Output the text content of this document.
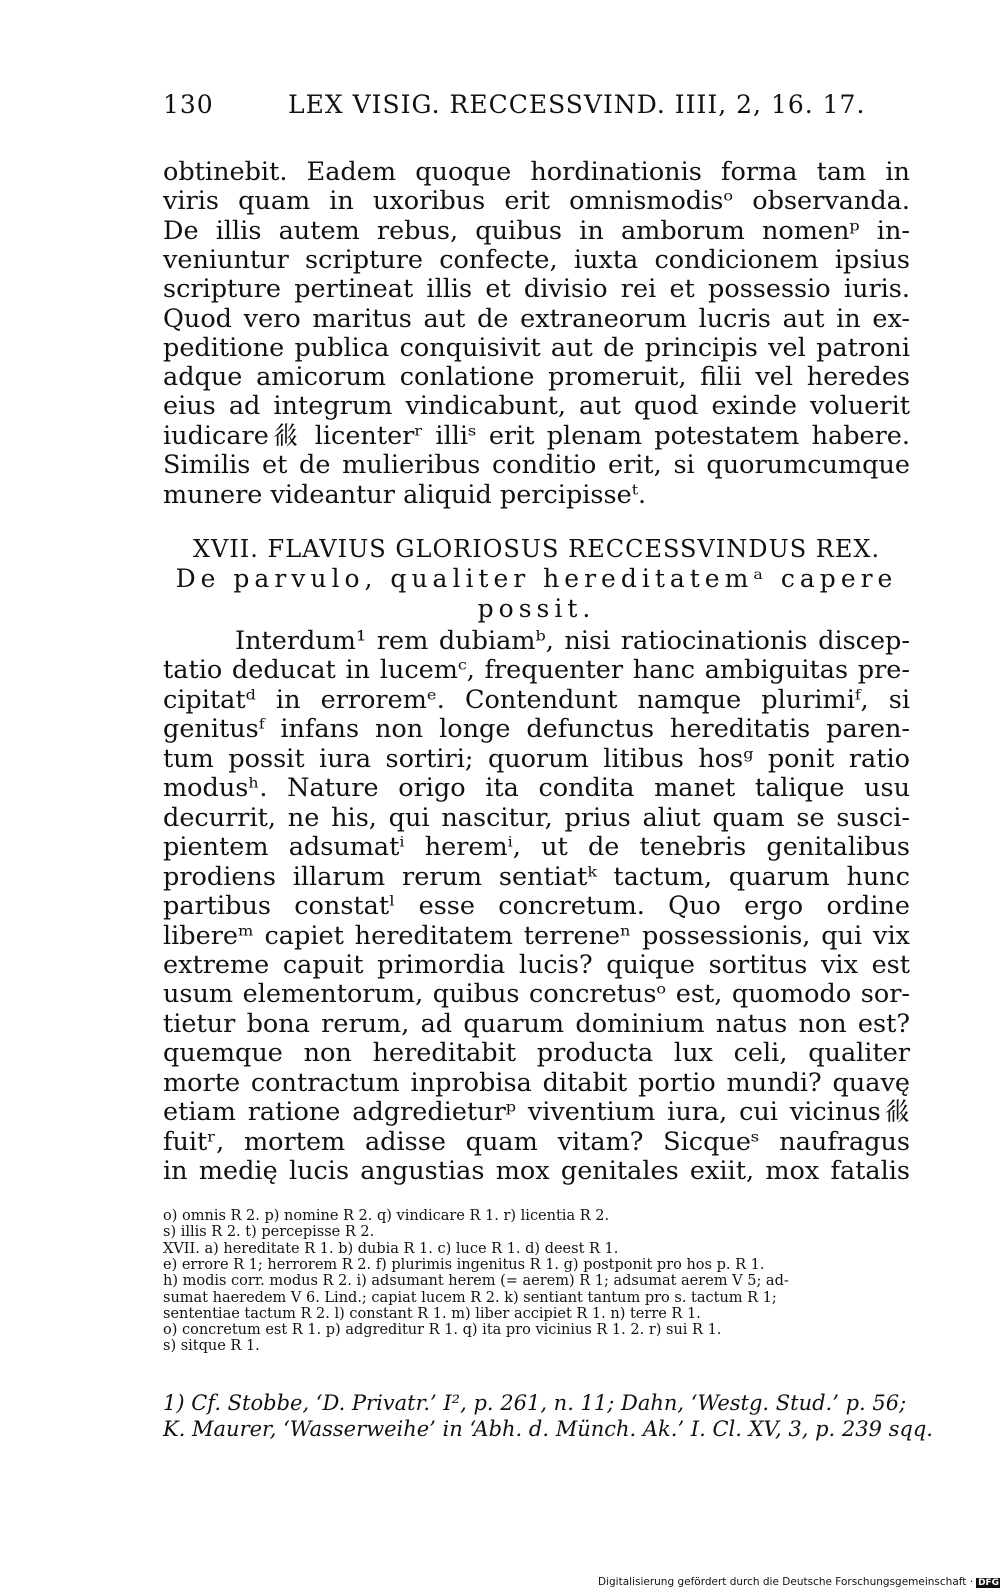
130	LEX VISIG. RECCESSVIND. IIII, 2, 16. 17.
obtinebit. Eadem quoque hordinationis forma tam in
viris quam in uxoribus erit omnismodisᵒ observanda.
De illis autem rebus, quibus in amborum nomenᵖ in-
veniuntur scripture confecte, iuxta condicionem ipsius
scripture pertineat illis et divisio rei et possessio iuris.
Quod vero maritus aut de extraneorum lucris aut in ex-
peditione publica conquisivit aut de principis vel patroni
adque amicorum conlatione promeruit, filii vel heredes
eius ad integrum vindicabunt, aut quod exinde voluerit
iudicare𗺐 licenterʳ illiˢ erit plenam potestatem habere.
Similis et de mulieribus conditio erit, si quorumcumque
munere videantur aliquid percipisseᵗ.
XVII. FLAVIUS GLORIOSUS RECCESSVINDUS REX.
De parvulo, qualiter hereditatemᵃ capere
possit.
Interdum¹ rem dubiamᵇ, nisi ratiocinationis discep-
tatio deducat in lucemᶜ, frequenter hanc ambiguitas pre-
cipitatᵈ in erroremᵉ. Contendunt namque plurimiᶠ, si
genitusᶠ infans non longe defunctus hereditatis paren-
tum possit iura sortiri; quorum litibus hosᵍ ponit ratio
modusʰ. Nature origo ita condita manet talique usu
decurrit, ne his, qui nascitur, prius aliut quam se susci-
pientem adsumatⁱ heremⁱ, ut de tenebris genitalibus
prodiens illarum rerum sentiatᵏ tactum, quarum hunc
partibus constatˡ esse concretum. Quo ergo ordine
libereᵐ capiet hereditatem terreneⁿ possessionis, qui vix
extreme capuit primordia lucis? quique sortitus vix est
usum elementorum, quibus concretusᵒ est, quomodo sor-
tietur bona rerum, ad quarum dominium natus non est?
quemque non hereditabit producta lux celi, qualiter
morte contractum inprobisa ditabit portio mundi? quavę
etiam ratione adgredieturᵖ viventium iura, cui vicinus𗺐
fuitʳ, mortem adisse quam vitam? Sicqueˢ naufragus
in medię lucis angustias mox genitales exiit, mox fatalis
o) omnis R 2. p) nomine R 2. q) vindicare R 1. r) licentia R 2.
s) illis R 2. t) percepisse R 2.
XVII. a) hereditate R 1. b) dubia R 1. c) luce R 1. d) deest R 1.
e) errore R 1; herrorem R 2. f) plurimis ingenitus R 1. g) postponit pro hos p. R 1.
h) modis corr. modus R 2. i) adsumant herem (= aerem) R 1; adsumat aerem V 5; ad-
sumat haeredem V 6. Lind.; capiat lucem R 2. k) sentiant tantum pro s. tactum R 1;
sententiae tactum R 2. l) constant R 1. m) liber accipiet R 1. n) terre R 1.
o) concretum est R 1. p) adgreditur R 1. q) ita pro vicinius R 1. 2. r) sui R 1.
s) sitque R 1.
1) Cf. Stobbe, ‘D. Privatr.’ I², p. 261, n. 11; Dahn, ‘Westg. Stud.’ p. 56;
K. Maurer, ‘Wasserweihe’ in ‘Abh. d. Münch. Ak.’ I. Cl. XV, 3, p. 239 sqq.
Digitalisierung gefördert durch die Deutsche Forschungsgemeinschaft · DFG
